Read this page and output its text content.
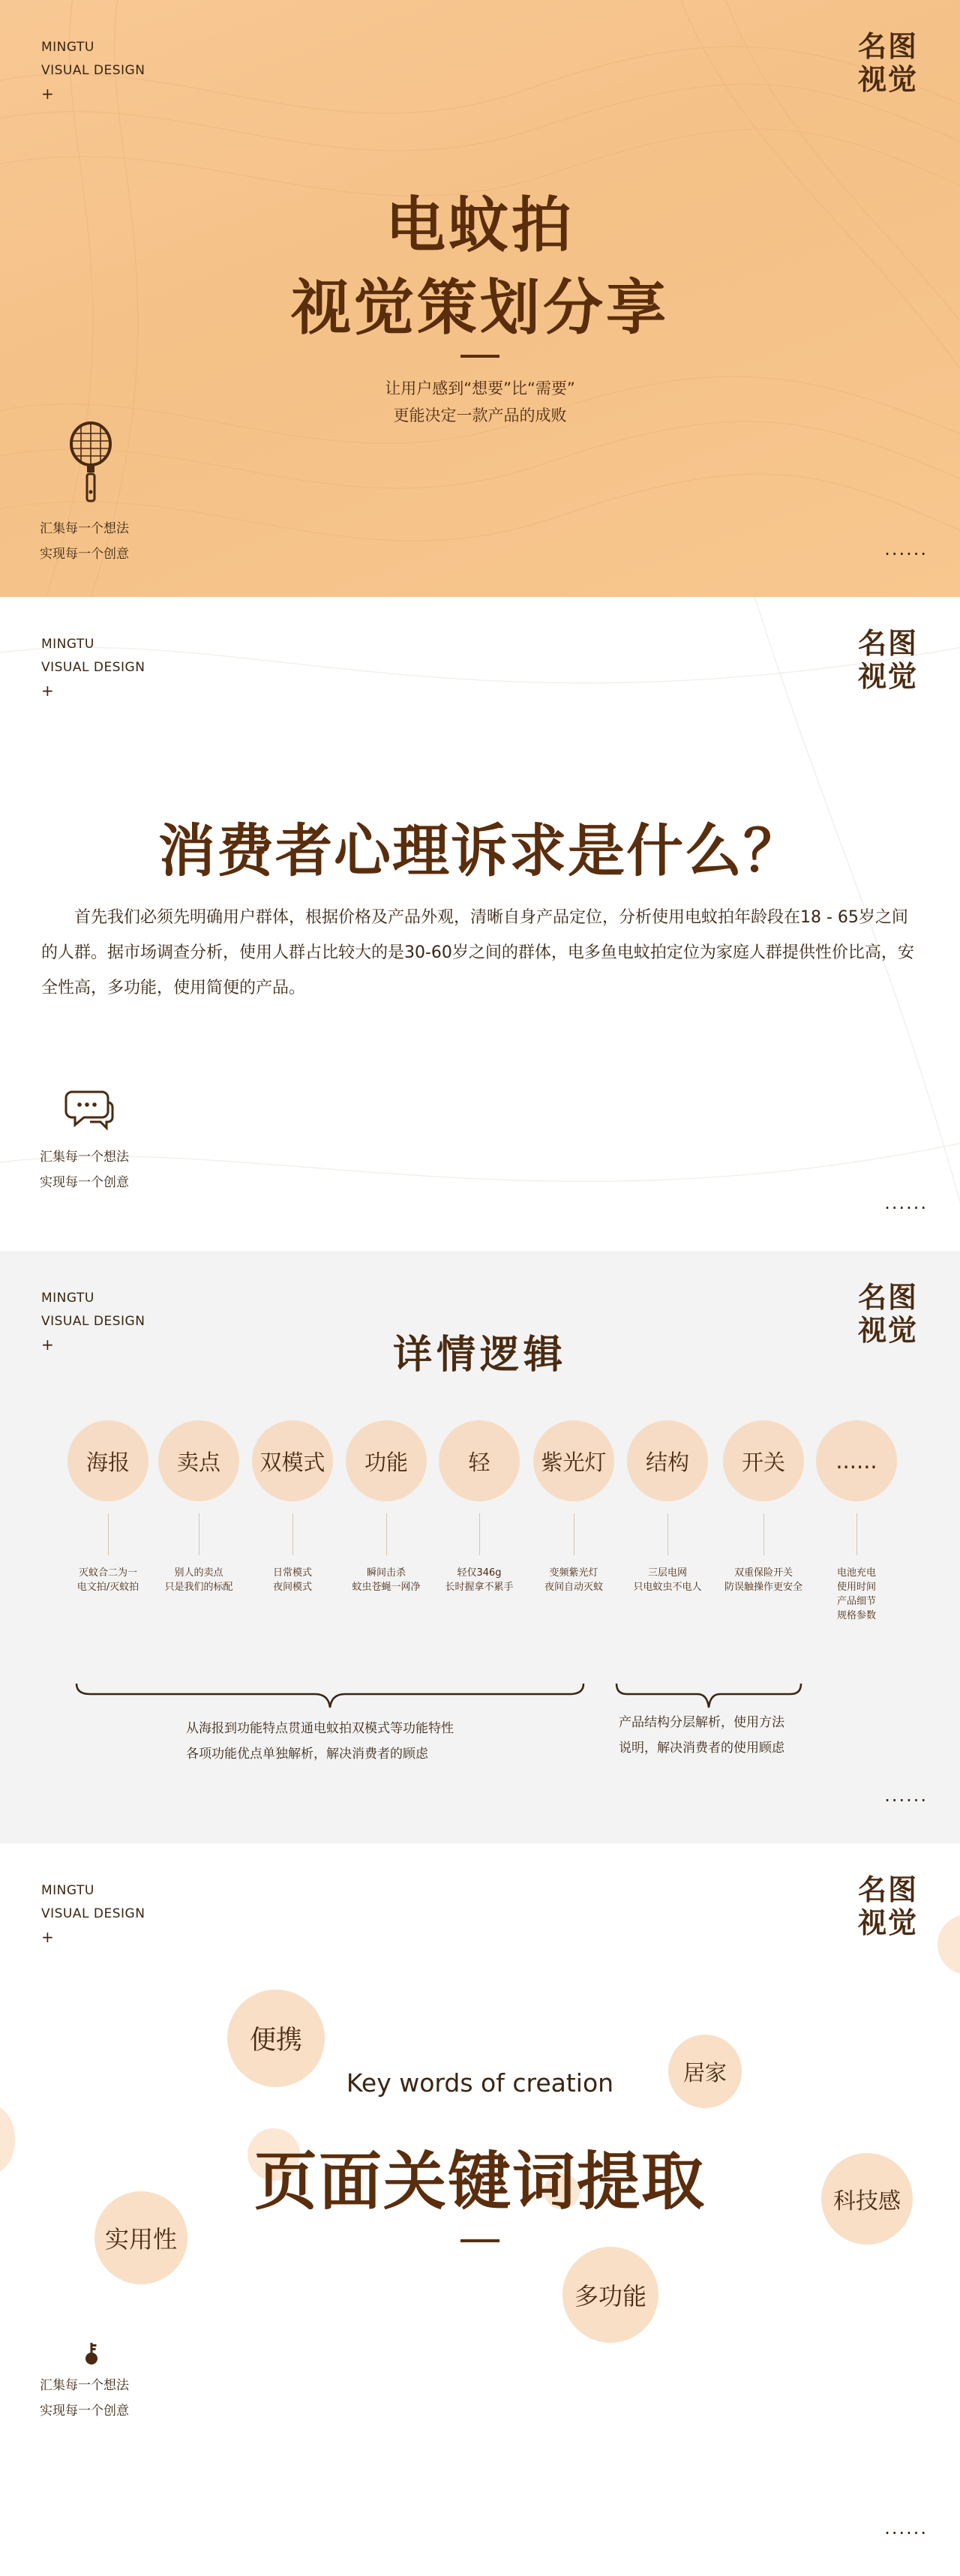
MINGTU
VISUAL DESIGN
+
名图
视觉
电蚊拍
视觉策划分享
让用户感到“想要”比“需要”
更能决定一款产品的成败
汇集每一个想法
实现每一个创意	......
MINGTU
VISUAL DESIGN
+
名图
视觉
消费者心理诉求是什么？
首先我们必须先明确用户群体，根据价格及产品外观，清晰自身产品定位，分析使用电蚊拍年龄段在18 - 65岁之间的人群。据市场调查分析，使用人群占比较大的是30-60岁之间的群体，电多鱼电蚊拍定位为家庭人群提供性价比高，安全性高，多功能，使用简便的产品。
汇集每一个想法
实现每一个创意
......
MINGTU
VISUAL DESIGN
+
名图
视觉
详情逻辑
海报
灭蚊合二为一
电文拍/灭蚊拍
卖点
别人的卖点
只是我们的标配
双模式
日常模式
夜间模式
功能
瞬间击杀
蚊虫苍蝇一网净
轻
轻仅346g
长时握拿不累手
紫光灯
变频紫光灯
夜间自动灭蚊
结构
三层电网
只电蚊虫不电人
开关
双重保险开关
防误触操作更安全
......
电池充电
使用时间
产品细节
规格参数
从海报到功能特点贯通电蚊拍双模式等功能特性
各项功能优点单独解析，解决消费者的顾虑
产品结构分层解析，使用方法
说明，解决消费者的使用顾虑
......
MINGTU
VISUAL DESIGN
+
名图
视觉
便携
居家
科技感
实用性
多功能
Key words of creation
页面关键词提取
汇集每一个想法
实现每一个创意
......
